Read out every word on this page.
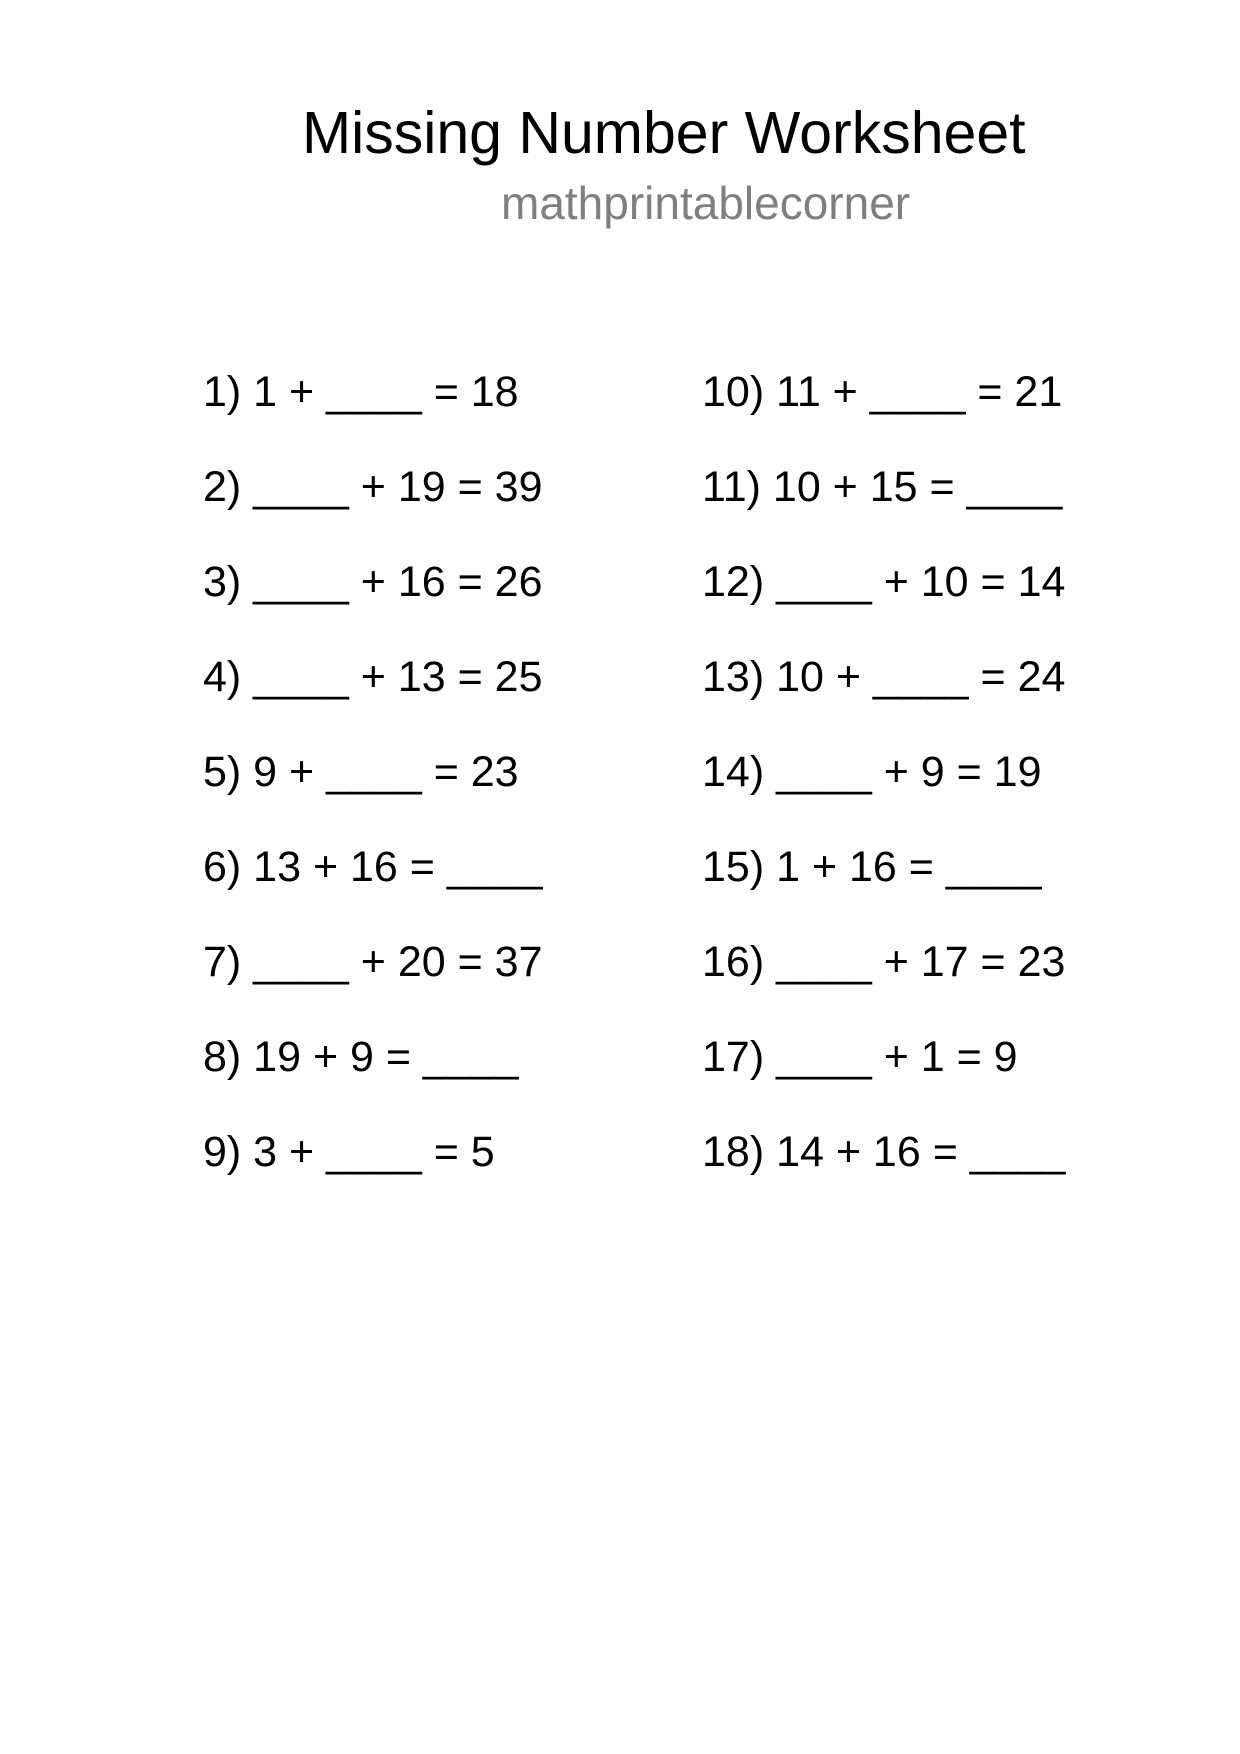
Missing Number Worksheet
mathprintablecorner
1) 1 + ____ = 18
2) ____ + 19 = 39
3) ____ + 16 = 26
4) ____ + 13 = 25
5) 9 + ____ = 23
6) 13 + 16 = ____
7) ____ + 20 = 37
8) 19 + 9 = ____
9) 3 + ____ = 5
10) 11 + ____ = 21
11) 10 + 15 = ____
12) ____ + 10 = 14
13) 10 + ____ = 24
14) ____ + 9 = 19
15) 1 + 16 = ____
16) ____ + 17 = 23
17) ____ + 1 = 9
18) 14 + 16 = ____
